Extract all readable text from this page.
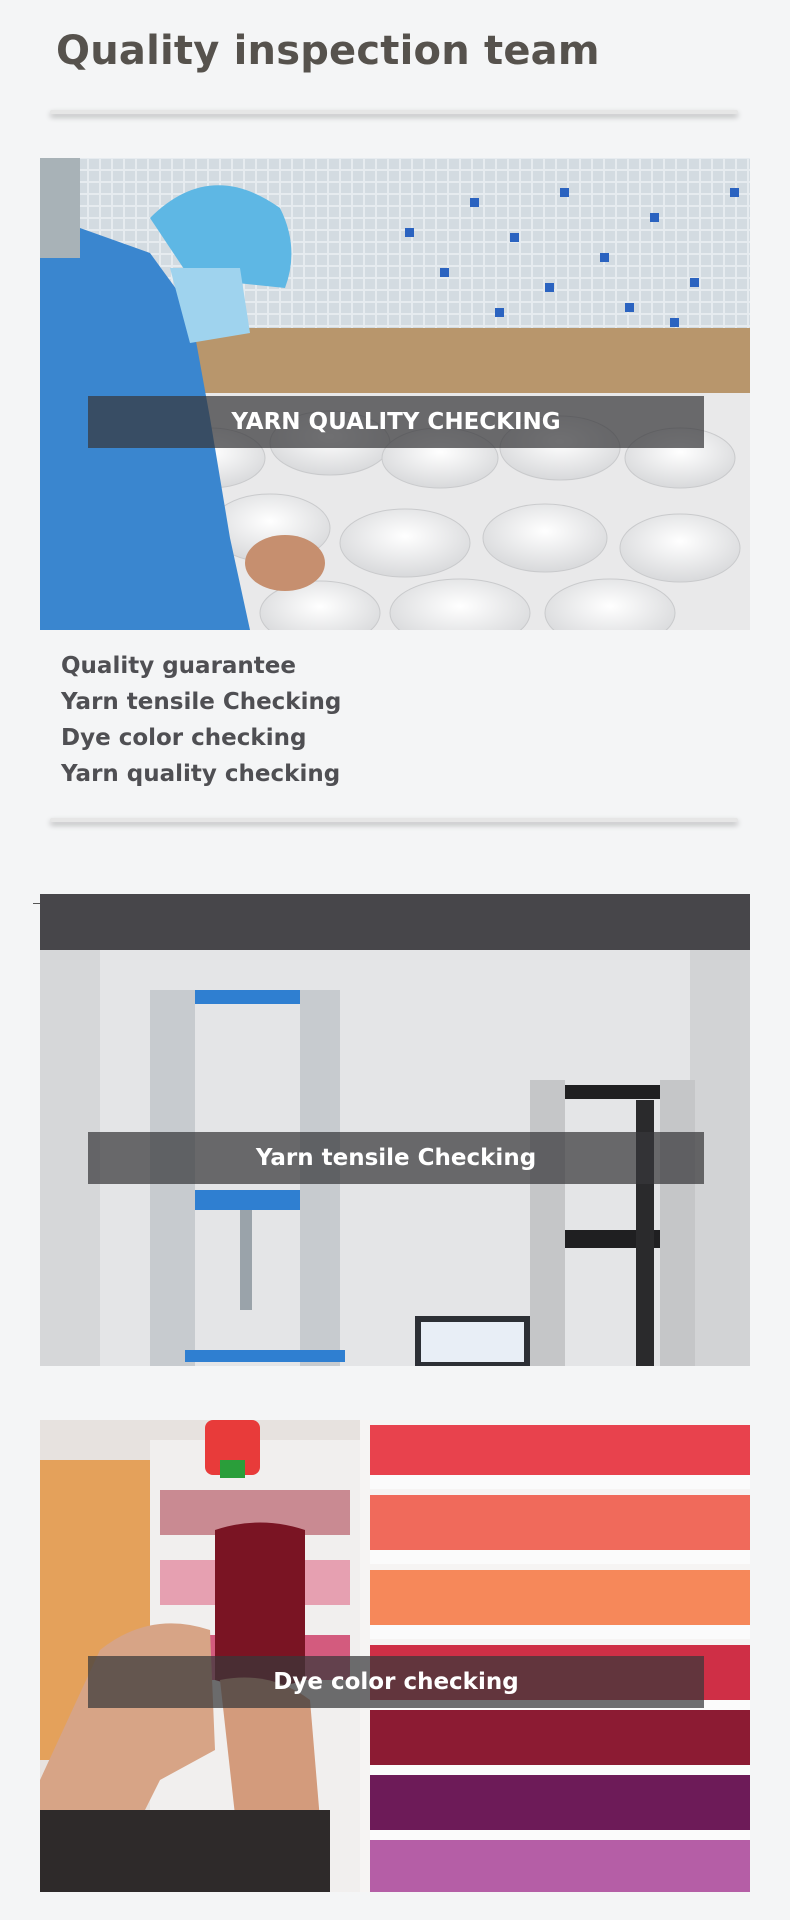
Quality inspection team
YARN QUALITY CHECKING
Quality guarantee
Yarn tensile Checking
Dye color checking
Yarn quality checking
Yarn tensile Checking
Dye color checking
